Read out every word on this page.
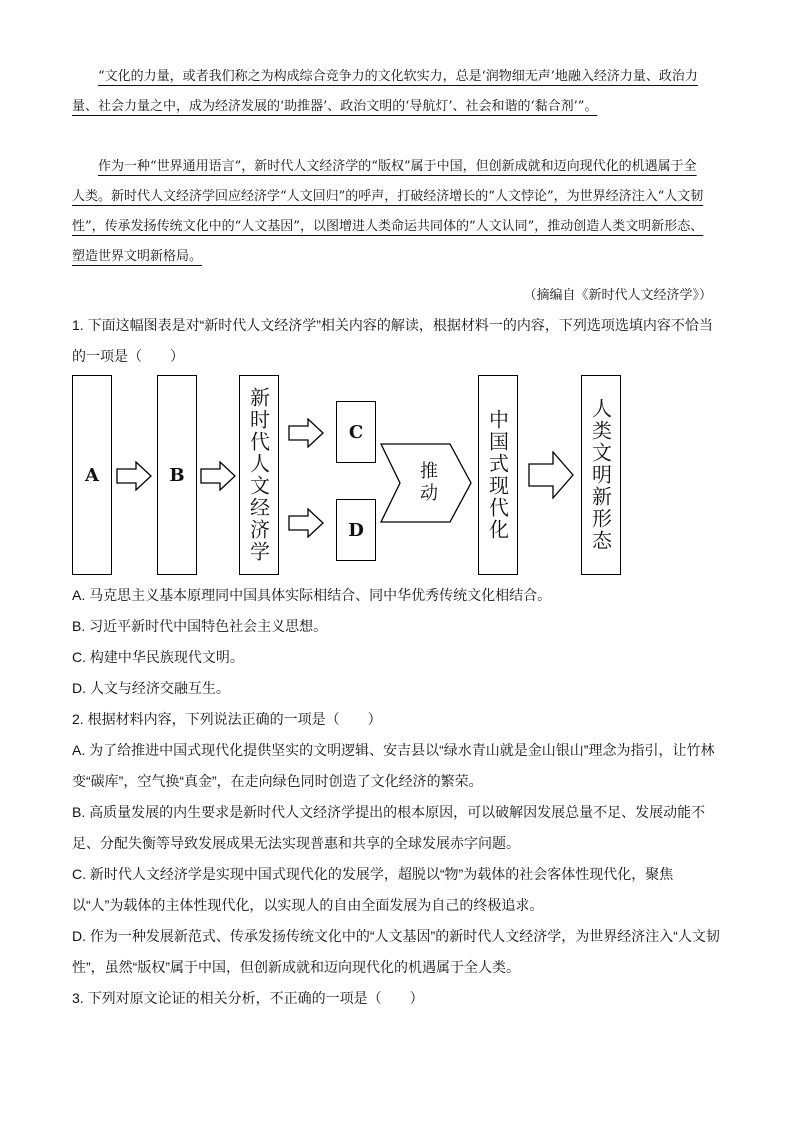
“文化的力量，或者我们称之为构成综合竞争力的文化软实力，总是‘润物细无声’地融入经济力量、政治力量、社会力量之中，成为经济发展的‘助推器’、政治文明的‘导航灯’、社会和谐的‘黏合剂’”。
作为一种“世界通用语言”，新时代人文经济学的“版权”属于中国，但创新成就和迈向现代化的机遇属于全人类。新时代人文经济学回应经济学“人文回归”的呼声，打破经济增长的“人文悖论”，为世界经济注入“人文韧性”，传承发扬传统文化中的“人文基因”，以图增进人类命运共同体的“人文认同”，推动创造人类文明新形态、塑造世界文明新格局。
（摘编自《新时代人文经济学》）

1. 下面这幅图表是对“新时代人文经济学”相关内容的解读，根据材料一的内容，下列选项选填内容不恰当的一项是（　　）

A	B	新时代人文经济学	C
D
推动	中国式现代化	人类文明新形态

A. 马克思主义基本原理同中国具体实际相结合、同中华优秀传统文化相结合。

B. 习近平新时代中国特色社会主义思想。

C. 构建中华民族现代文明。

D. 人文与经济交融互生。

2. 根据材料内容，下列说法正确的一项是（　　）

A. 为了给推进中国式现代化提供坚实的文明逻辑、安吉县以“绿水青山就是金山银山”理念为指引，让竹林变“碳库”，空气换“真金”，在走向绿色同时创造了文化经济的繁荣。

B. 高质量发展的内生要求是新时代人文经济学提出的根本原因，可以破解因发展总量不足、发展动能不足、分配失衡等导致发展成果无法实现普惠和共享的全球发展赤字问题。

C. 新时代人文经济学是实现中国式现代化的发展学，超脱以“物”为载体的社会客体性现代化，聚焦以“人”为载体的主体性现代化，以实现人的自由全面发展为自己的终极追求。

D. 作为一种发展新范式、传承发扬传统文化中的“人文基因”的新时代人文经济学，为世界经济注入“人文韧性”，虽然“版权”属于中国，但创新成就和迈向现代化的机遇属于全人类。

3. 下列对原文论证的相关分析，不正确的一项是（　　）
